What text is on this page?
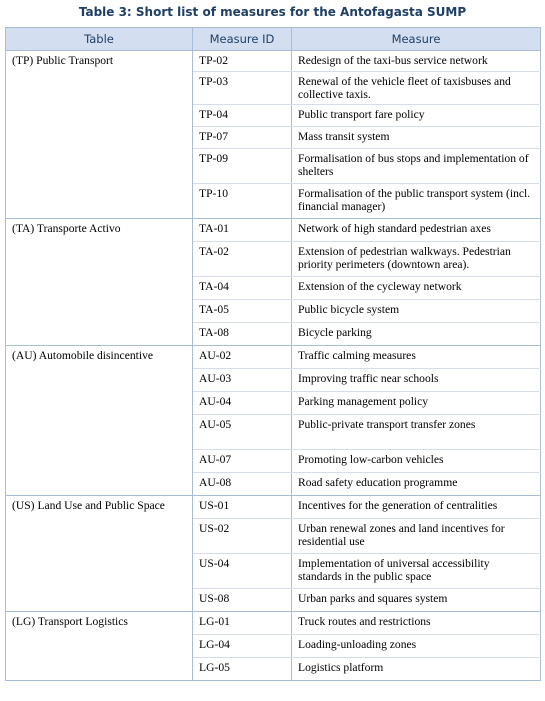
Table 3: Short list of measures for the Antofagasta SUMP
Table	Measure ID	Measure
(TP) Public Transport	TP-02	Redesign of the taxi-bus service network
	TP-03	Renewal of the vehicle fleet of taxisbuses and collective taxis.
	TP-04	Public transport fare policy
	TP-07	Mass transit system
	TP-09	Formalisation of bus stops and implementation of shelters
	TP-10	Formalisation of the public transport system (incl. financial manager)
(TA) Transporte Activo	TA-01	Network of high standard pedestrian axes
	TA-02	Extension of pedestrian walkways. Pedestrian priority perimeters (downtown area).
	TA-04	Extension of the cycleway network
	TA-05	Public bicycle system
	TA-08	Bicycle parking
(AU) Automobile disincentive	AU-02	Traffic calming measures
	AU-03	Improving traffic near schools
	AU-04	Parking management policy
	AU-05	Public-private transport transfer zones
	AU-07	Promoting low-carbon vehicles
	AU-08	Road safety education programme
(US) Land Use and Public Space	US-01	Incentives for the generation of centralities
	US-02	Urban renewal zones and land incentives for residential use
	US-04	Implementation of universal accessibility standards in the public space
	US-08	Urban parks and squares system
(LG) Transport Logistics	LG-01	Truck routes and restrictions
	LG-04	Loading-unloading zones
	LG-05	Logistics platform
